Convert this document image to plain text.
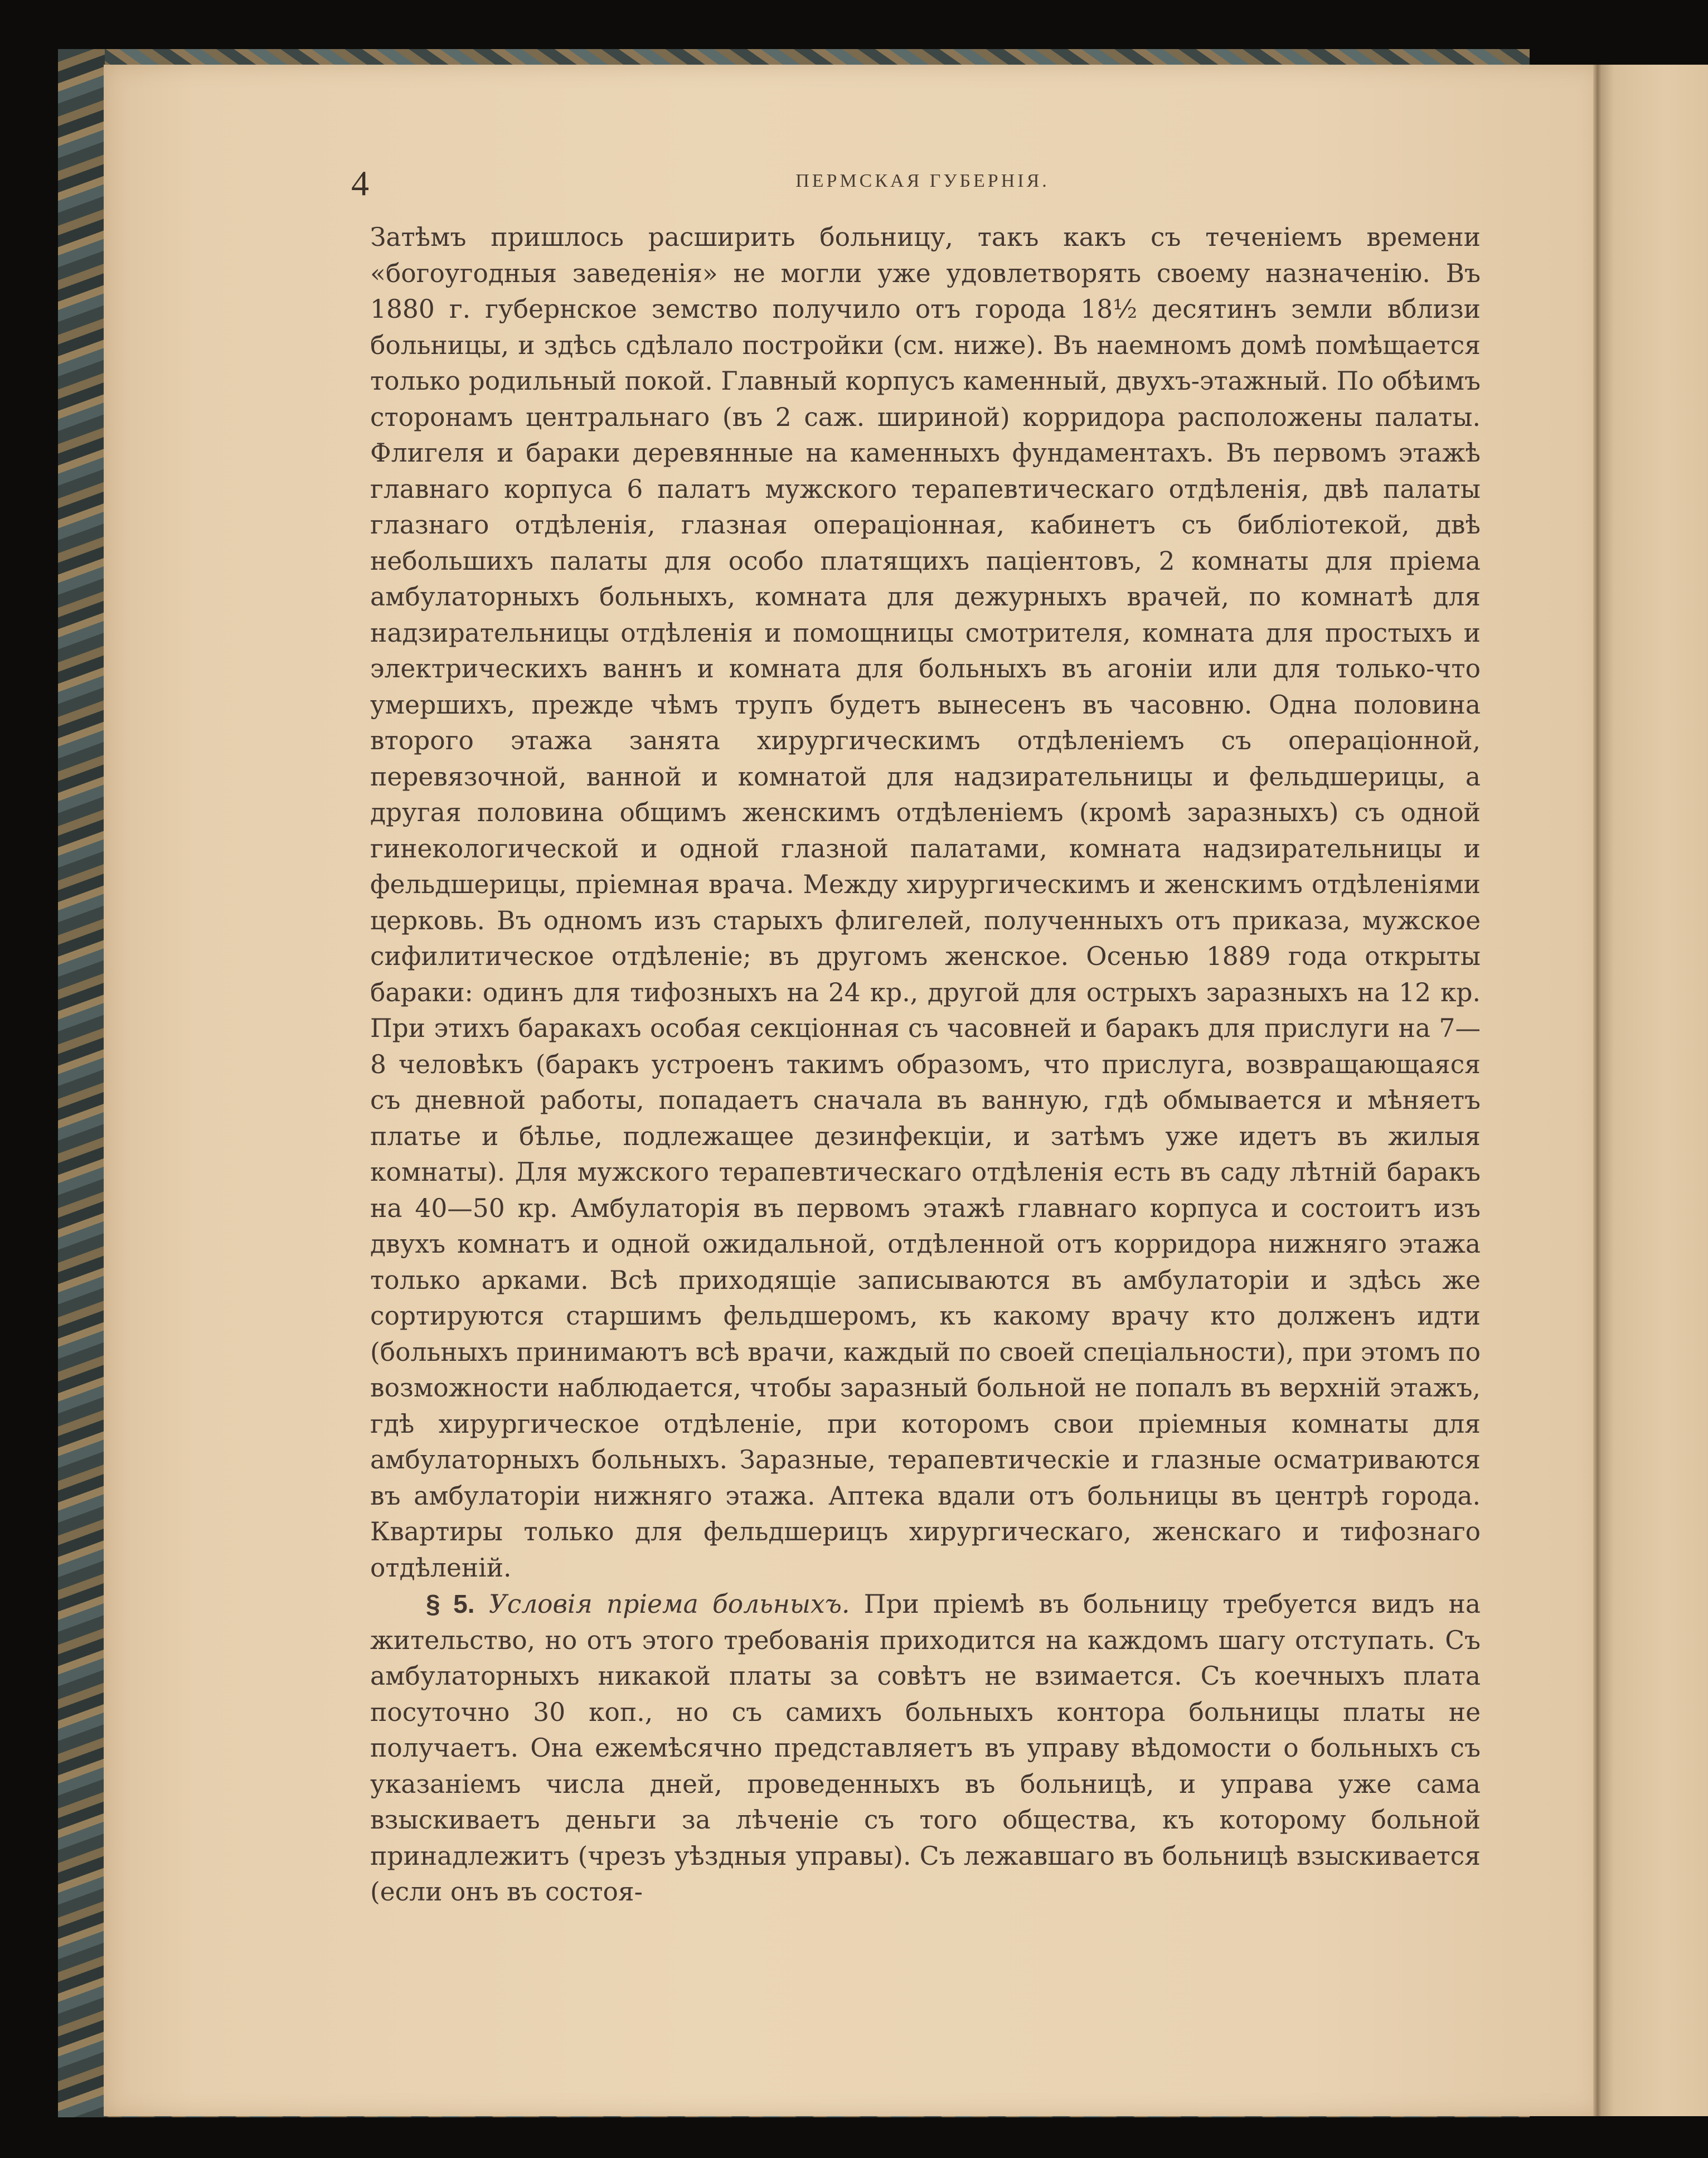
4	ПЕРМСКАЯ ГУБЕРНІЯ.

Затѣмъ пришлось расширить больницу, такъ какъ съ теченіемъ времени «богоугодныя заведенія» не могли уже удовлетворять своему назначенію. Въ 1880 г. губернское земство получило отъ города 18½ десятинъ земли вблизи больницы, и здѣсь сдѣлало постройки (см. ниже). Въ наемномъ домѣ помѣщается только родильный покой. Главный корпусъ каменный, двухъ-этажный. По обѣимъ сторонамъ центральнаго (въ 2 саж. шириной) корридора расположены палаты. Флигеля и бараки деревянные на каменныхъ фундаментахъ. Въ первомъ этажѣ главнаго корпуса 6 палатъ мужского терапевтическаго отдѣленія, двѣ палаты глазнаго отдѣленія, глазная операціонная, кабинетъ съ библіотекой, двѣ небольшихъ палаты для особо платящихъ паціентовъ, 2 комнаты для пріема амбулаторныхъ больныхъ, комната для дежурныхъ врачей, по комнатѣ для надзирательницы отдѣленія и помощницы смотрителя, комната для простыхъ и электрическихъ ваннъ и комната для больныхъ въ агоніи или для только-что умершихъ, прежде чѣмъ трупъ будетъ вынесенъ въ часовню. Одна половина второго этажа занята хирургическимъ отдѣленіемъ съ операціонной, перевязочной, ванной и комнатой для надзирательницы и фельдшерицы, а другая половина общимъ женскимъ отдѣленіемъ (кромѣ заразныхъ) съ одной гинекологической и одной глазной палатами, комната надзирательницы и фельдшерицы, пріемная врача. Между хирургическимъ и женскимъ отдѣленіями церковь. Въ одномъ изъ старыхъ флигелей, полученныхъ отъ приказа, мужское сифилитическое отдѣленіе; въ другомъ женское. Осенью 1889 года открыты бараки: одинъ для тифозныхъ на 24 кр., другой для острыхъ заразныхъ на 12 кр. При этихъ баракахъ особая секціонная съ часовней и баракъ для прислуги на 7—8 человѣкъ (баракъ устроенъ такимъ образомъ, что прислуга, возвращающаяся съ дневной работы, попадаетъ сначала въ ванную, гдѣ обмывается и мѣняетъ платье и бѣлье, подлежащее дезинфекціи, и затѣмъ уже идетъ въ жилыя комнаты). Для мужского терапевтическаго отдѣленія есть въ саду лѣтній баракъ на 40—50 кр. Амбулаторія въ первомъ этажѣ главнаго корпуса и состоитъ изъ двухъ комнатъ и одной ожидальной, отдѣленной отъ корридора нижняго этажа только арками. Всѣ приходящіе записываются въ амбулаторіи и здѣсь же сортируются старшимъ фельдшеромъ, къ какому врачу кто долженъ идти (больныхъ принимаютъ всѣ врачи, каждый по своей спеціальности), при этомъ по возможности наблюдается, чтобы заразный больной не попалъ въ верхній этажъ, гдѣ хирургическое отдѣленіе, при которомъ свои пріемныя комнаты для амбулаторныхъ больныхъ. Заразные, терапевтическіе и глазные осматриваются въ амбулаторіи нижняго этажа. Аптека вдали отъ больницы въ центрѣ города. Квартиры только для фельдшерицъ хирургическаго, женскаго и тифознаго отдѣленій.

§ 5. Условія пріема больныхъ. При пріемѣ въ больницу требуется видъ на жительство, но отъ этого требованія приходится на каждомъ шагу отступать. Съ амбулаторныхъ никакой платы за совѣтъ не взимается. Съ коечныхъ плата посуточно 30 коп., но съ самихъ больныхъ контора больницы платы не получаетъ. Она ежемѣсячно представляетъ въ управу вѣдомости о больныхъ съ указаніемъ числа дней, проведенныхъ въ больницѣ, и управа уже сама взыскиваетъ деньги за лѣченіе съ того общества, къ которому больной принадлежитъ (чрезъ уѣздныя управы). Съ лежавшаго въ больницѣ взыскивается (если онъ въ состоя-
